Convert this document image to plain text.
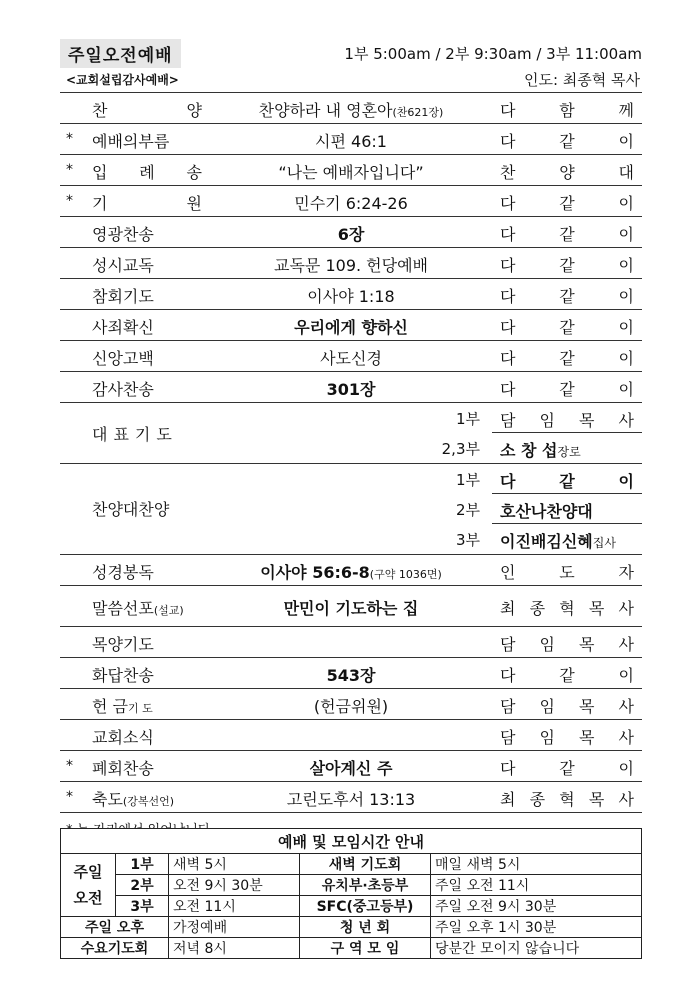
주일오전예배	1부 5:00am / 2부 9:30am / 3부 11:00am
<교회설립감사예배>	인도: 최종혁 목사
찬 양	찬양하라 내 영혼아(찬621장)	다 함 께
* 예배의부름	시편 46:1	다 같 이
* 입 례 송	“나는 예배자입니다”	찬 양 대
* 기 원	민수기 6:24-26	다 같 이
영광찬송	6장	다 같 이
성시교독	교독문 109. 헌당예배	다 같 이
참회기도	이사야 1:18	다 같 이
사죄확신	우리에게 향하신	다 같 이
신앙고백	사도신경	다 같 이
감사찬송	301장	다 같 이
대표기도
1부 담 임 목 사
2,3부 소 창 섭장로
찬양대찬양
1부 다 같 이
2부 호산나찬양대
3부 이진배김신혜집사
성경봉독	이사야 56:6-8(구약 1036면)	인 도 자
말씀선포(설교)	만민이 기도하는 집	최 종 혁 목 사
목양기도	담 임 목 사
화답찬송	543장	다 같 이
헌 금기 도	(헌금위원)	담 임 목 사
교회소식	담 임 목 사
* 폐회찬송	살아계신 주	다 같 이
* 축도(강복선언)	고린도후서 13:13	최 종 혁 목 사
예배 및 모임시간 안내				
주일 오전	1부	새벽 5시	새벽 기도회	매일 새벽 5시
	2부	오전 9시 30분	유치부·초등부	주일 오전 11시
	3부	오전 11시	SFC(중고등부)	주일 오전 9시 30분
주일 오후		가정예배	청 년 회	주일 오후 1시 30분
수요기도회		저녁 8시	구 역 모 임	당분간 모이지 않습니다
